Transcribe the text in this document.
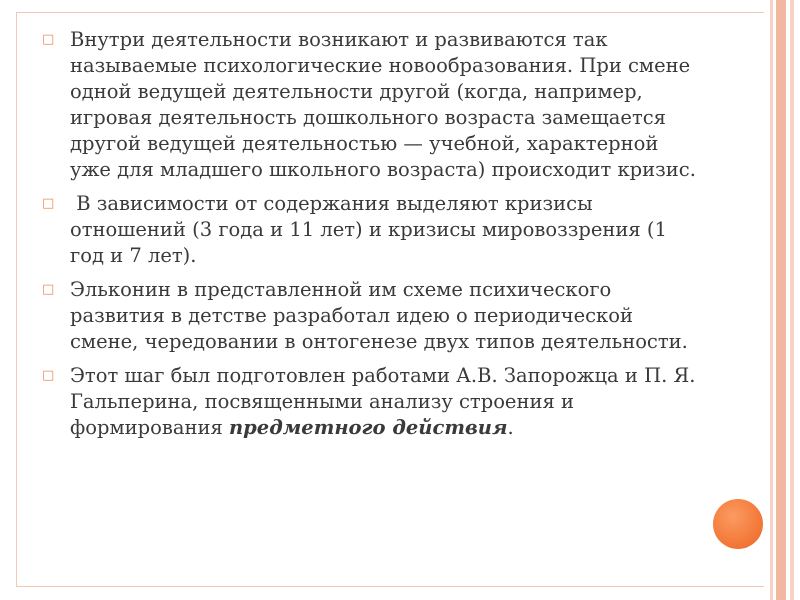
□ Внутри деятельности возникают и развиваются так называемые психологические новообразования. При смене одной ведущей деятельности другой (когда, например, игровая деятельность дошкольного возраста замещается другой ведущей деятельностью — учебной, характерной уже для младшего школьного возраста) происходит кризис.
□ В зависимости от содержания выделяют кризисы отношений (3 года и 11 лет) и кризисы мировоззрения (1 год и 7 лет).
□ Эльконин в представленной им схеме психического развития в детстве разработал идею о периодической смене, чередовании в онтогенезе двух типов деятельности.
□ Этот шаг был подготовлен работами А.В. Запорожца и П. Я. Гальперина, посвященными анализу строения и формирования предметного действия.
